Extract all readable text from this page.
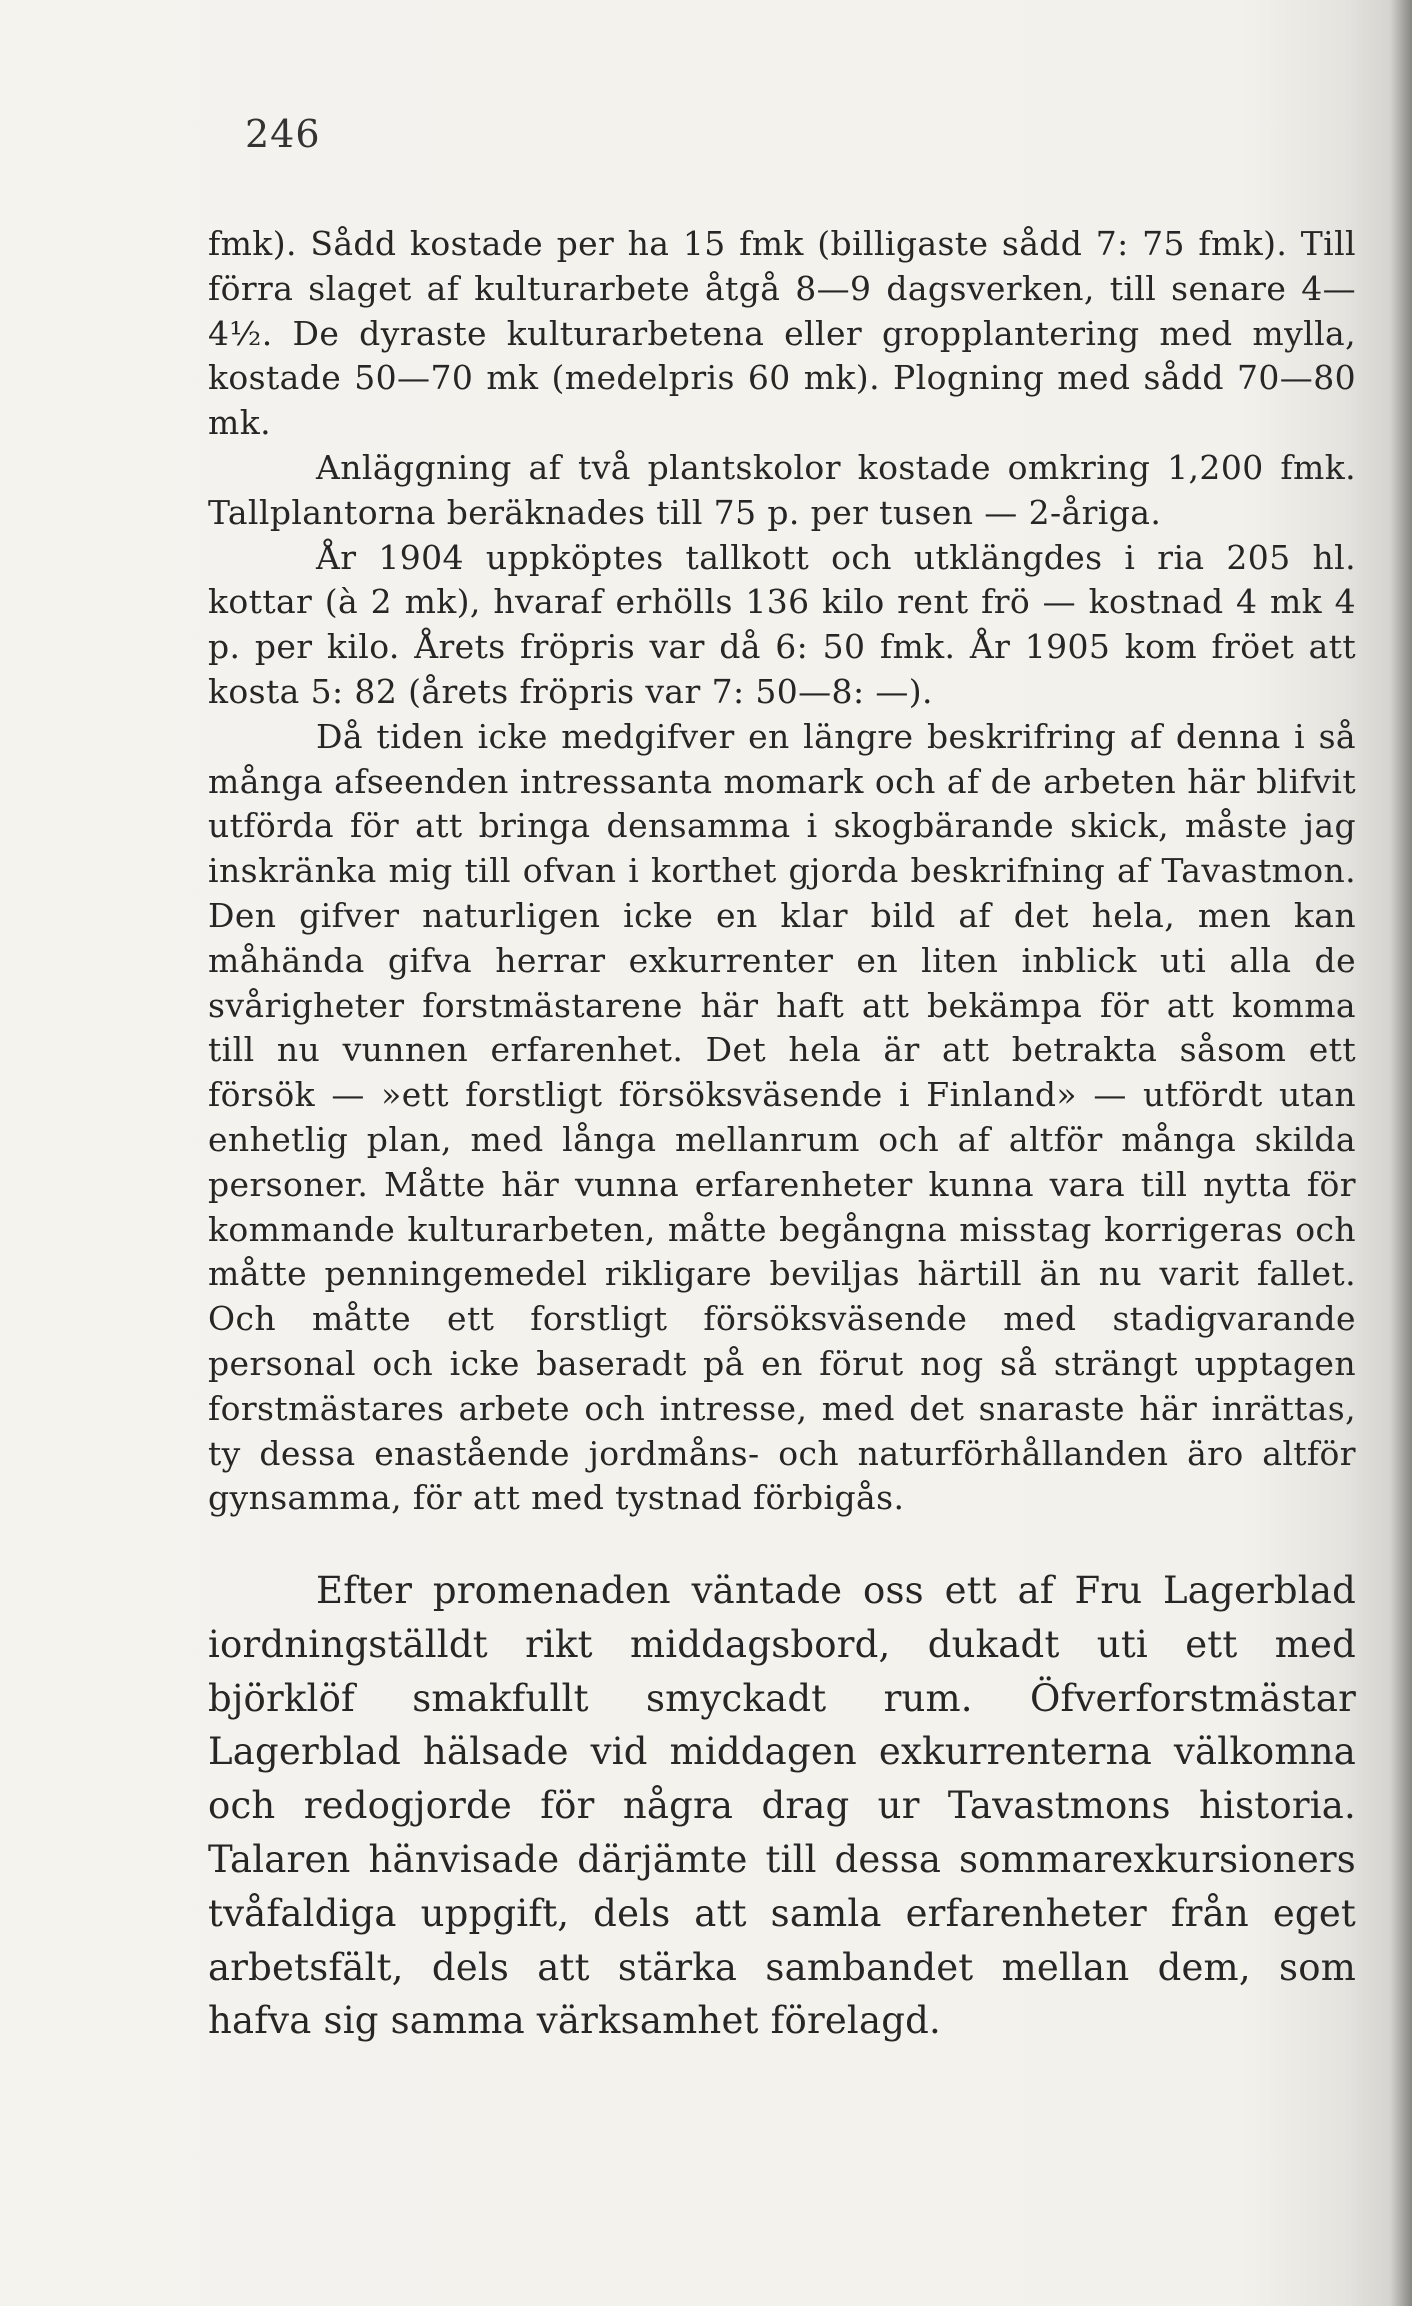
246

fmk). Sådd kostade per ha 15 fmk (billigaste sådd 7: 75 fmk). Till förra slaget af kulturarbete åtgå 8—9 dagsverken, till senare 4—4½. De dyraste kulturarbetena eller gropplantering med mylla, kostade 50—70 mk (medelpris 60 mk). Plogning med sådd 70—80 mk.

Anläggning af två plantskolor kostade omkring 1,200 fmk. Tallplantorna beräknades till 75 p. per tusen — 2-åriga.

År 1904 uppköptes tallkott och utklängdes i ria 205 hl. kottar (à 2 mk), hvaraf erhölls 136 kilo rent frö — kostnad 4 mk 4 p. per kilo. Årets fröpris var då 6: 50 fmk. År 1905 kom fröet att kosta 5: 82 (årets fröpris var 7: 50—8: —).

Då tiden icke medgifver en längre beskrifring af denna i så många afseenden intressanta momark och af de arbeten här blifvit utförda för att bringa densamma i skogbärande skick, måste jag inskränka mig till ofvan i korthet gjorda beskrifning af Tavastmon. Den gifver naturligen icke en klar bild af det hela, men kan måhända gifva herrar exkurrenter en liten inblick uti alla de svårigheter forstmästarene här haft att bekämpa för att komma till nu vunnen erfarenhet. Det hela är att betrakta såsom ett försök — »ett forstligt försöksväsende i Finland» — utfördt utan enhetlig plan, med långa mellanrum och af altför många skilda personer. Måtte här vunna erfarenheter kunna vara till nytta för kommande kulturarbeten, måtte begångna misstag korrigeras och måtte penningemedel rikligare beviljas härtill än nu varit fallet. Och måtte ett forstligt försöksväsende med stadigvarande personal och icke baseradt på en förut nog så strängt upptagen forstmästares arbete och intresse, med det snaraste här inrättas, ty dessa enastående jordmåns- och naturförhållanden äro altför gynsamma, för att med tystnad förbigås.

Efter promenaden väntade oss ett af Fru Lagerblad iordningställdt rikt middagsbord, dukadt uti ett med björklöf smakfullt smyckadt rum. Öfverforstmästar Lagerblad hälsade vid middagen exkurrenterna välkomna och redogjorde för några drag ur Tavastmons historia. Talaren hänvisade därjämte till dessa sommarexkursioners tvåfaldiga uppgift, dels att samla erfarenheter från eget arbetsfält, dels att stärka sambandet mellan dem, som hafva sig samma värksamhet förelagd.
